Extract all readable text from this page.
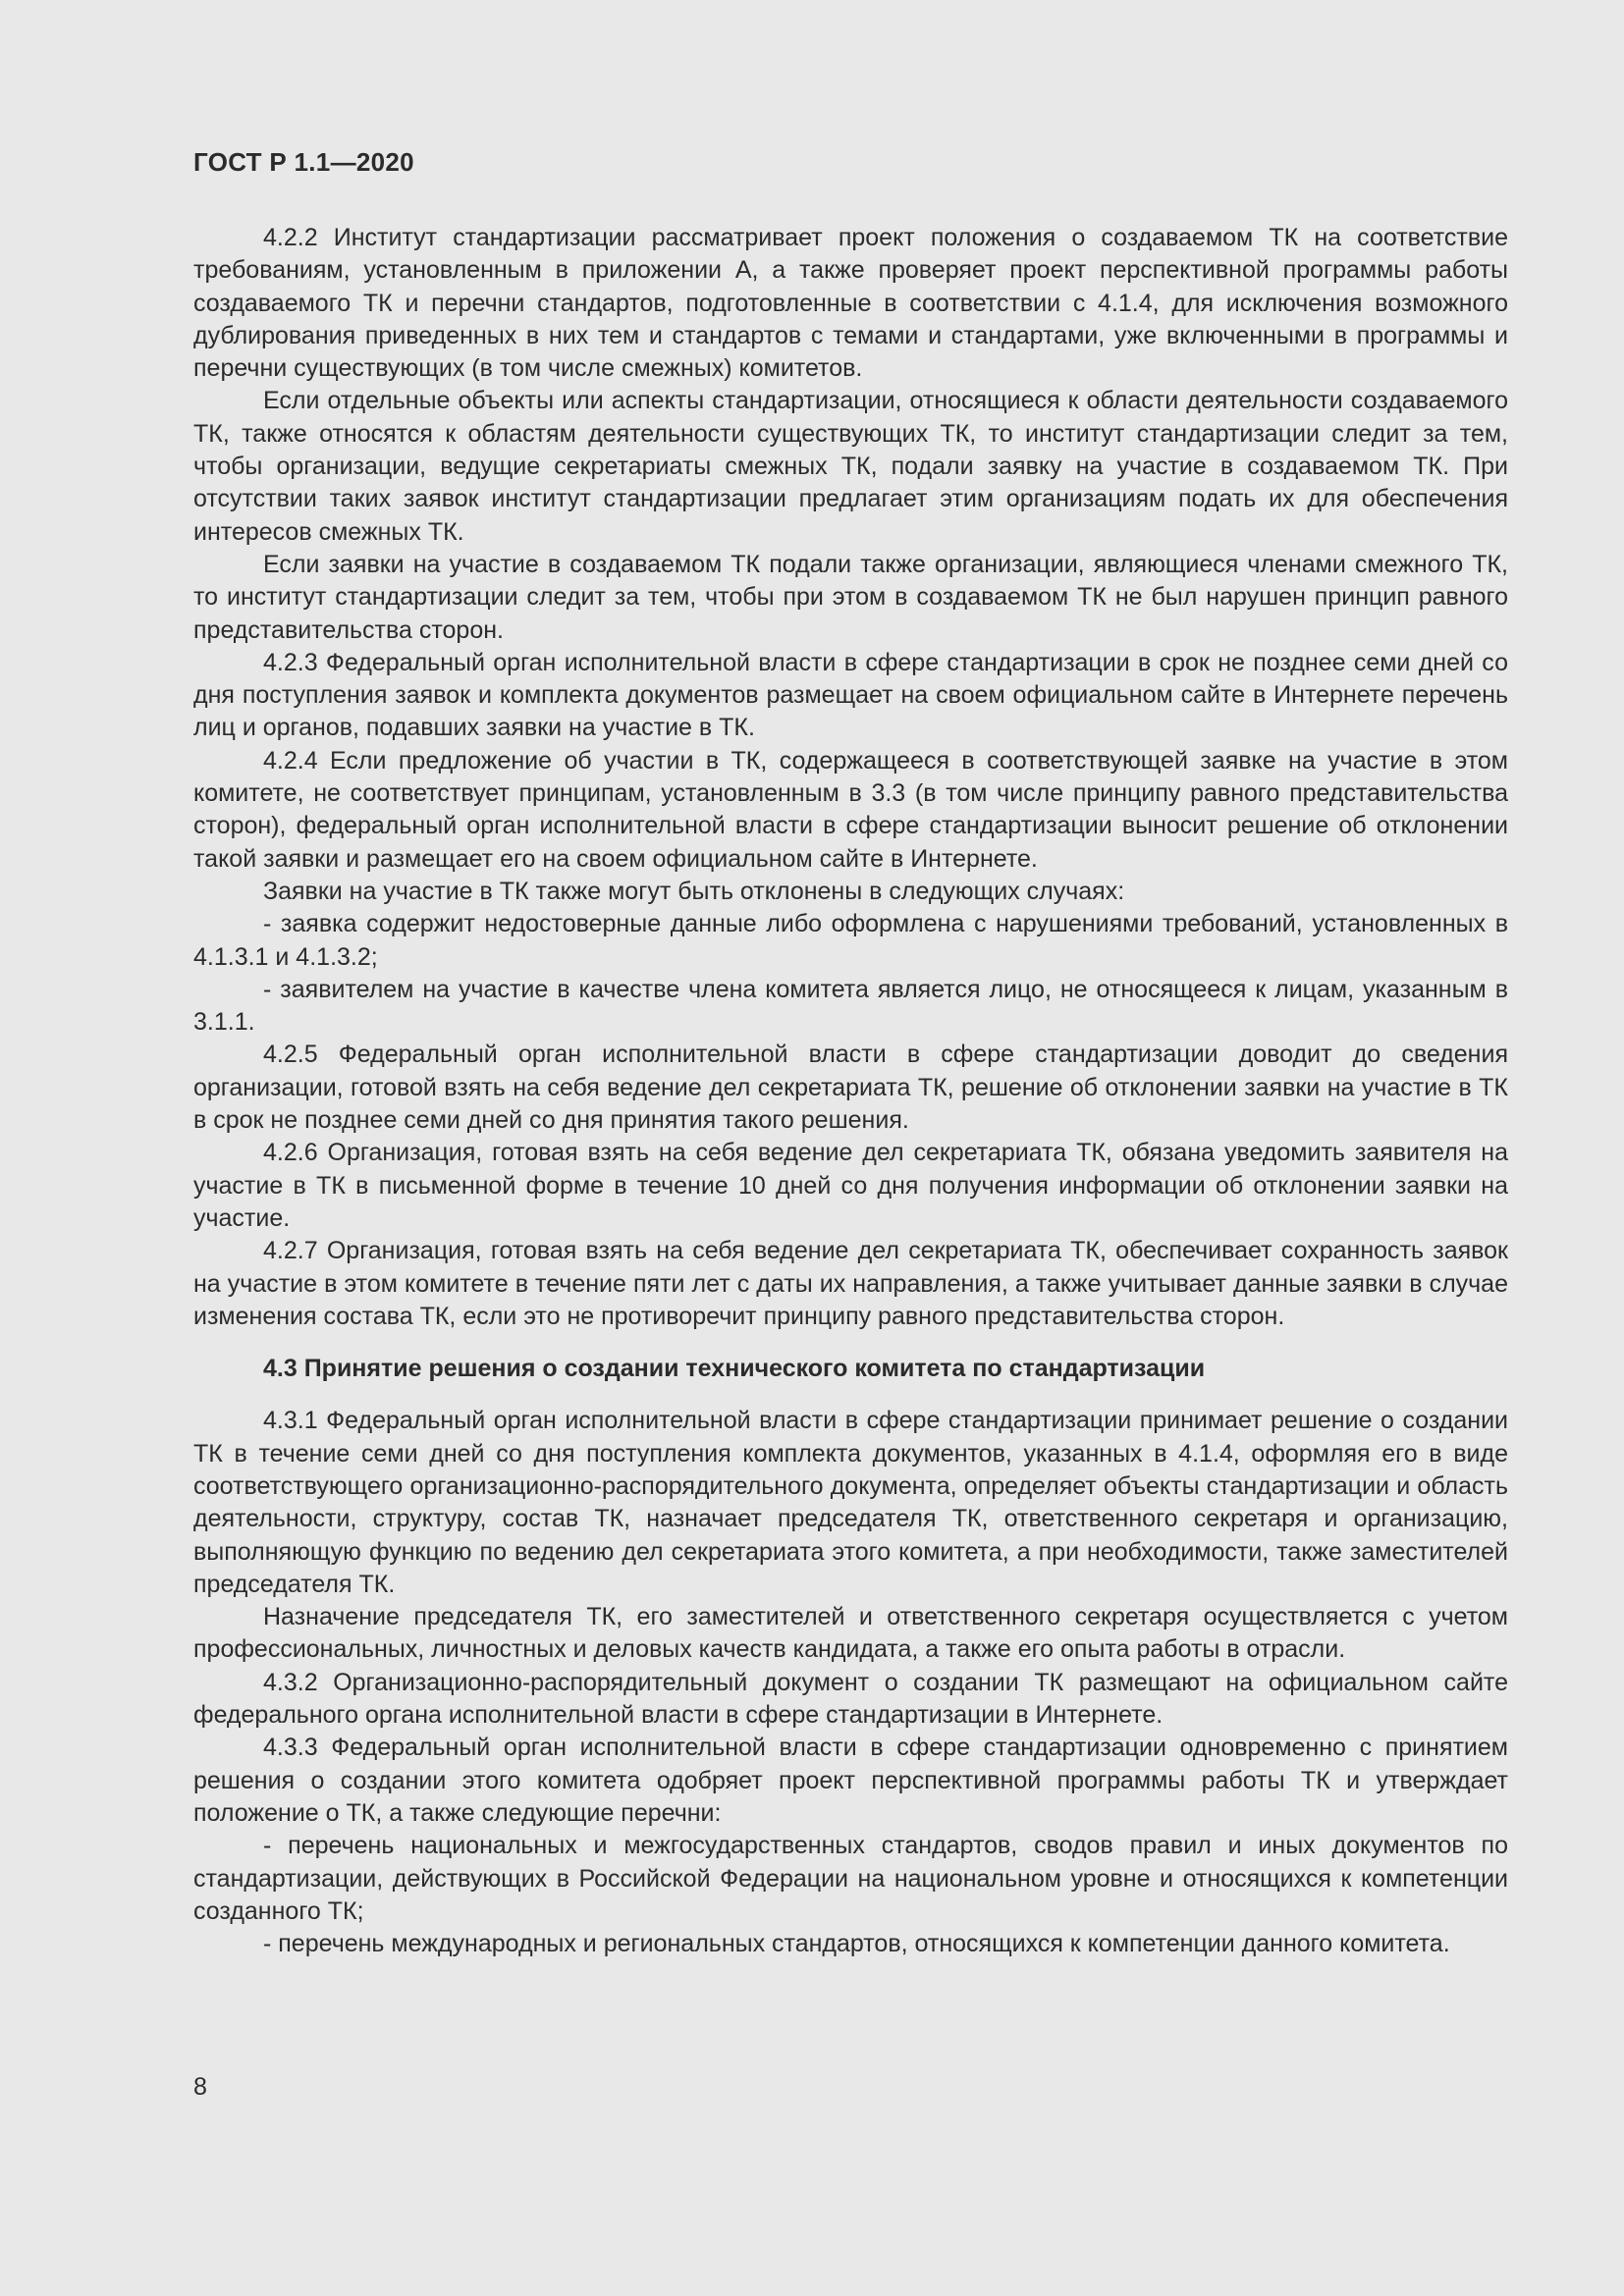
ГОСТ Р 1.1—2020

4.2.2 Институт стандартизации рассматривает проект положения о создаваемом ТК на соответствие требованиям, установленным в приложении А, а также проверяет проект перспективной программы работы создаваемого ТК и перечни стандартов, подготовленные в соответствии с 4.1.4, для исключения возможного дублирования приведенных в них тем и стандартов с темами и стандартами, уже включенными в программы и перечни существующих (в том числе смежных) комитетов.

Если отдельные объекты или аспекты стандартизации, относящиеся к области деятельности создаваемого ТК, также относятся к областям деятельности существующих ТК, то институт стандартизации следит за тем, чтобы организации, ведущие секретариаты смежных ТК, подали заявку на участие в создаваемом ТК. При отсутствии таких заявок институт стандартизации предлагает этим организациям подать их для обеспечения интересов смежных ТК.

Если заявки на участие в создаваемом ТК подали также организации, являющиеся членами смежного ТК, то институт стандартизации следит за тем, чтобы при этом в создаваемом ТК не был нарушен принцип равного представительства сторон.

4.2.3 Федеральный орган исполнительной власти в сфере стандартизации в срок не позднее семи дней со дня поступления заявок и комплекта документов размещает на своем официальном сайте в Интернете перечень лиц и органов, подавших заявки на участие в ТК.

4.2.4 Если предложение об участии в ТК, содержащееся в соответствующей заявке на участие в этом комитете, не соответствует принципам, установленным в 3.3 (в том числе принципу равного представительства сторон), федеральный орган исполнительной власти в сфере стандартизации выносит решение об отклонении такой заявки и размещает его на своем официальном сайте в Интернете.

Заявки на участие в ТК также могут быть отклонены в следующих случаях:

- заявка содержит недостоверные данные либо оформлена с нарушениями требований, установленных в 4.1.3.1 и 4.1.3.2;

- заявителем на участие в качестве члена комитета является лицо, не относящееся к лицам, указанным в 3.1.1.

4.2.5 Федеральный орган исполнительной власти в сфере стандартизации доводит до сведения организации, готовой взять на себя ведение дел секретариата ТК, решение об отклонении заявки на участие в ТК в срок не позднее семи дней со дня принятия такого решения.

4.2.6 Организация, готовая взять на себя ведение дел секретариата ТК, обязана уведомить заявителя на участие в ТК в письменной форме в течение 10 дней со дня получения информации об отклонении заявки на участие.

4.2.7 Организация, готовая взять на себя ведение дел секретариата ТК, обеспечивает сохранность заявок на участие в этом комитете в течение пяти лет с даты их направления, а также учитывает данные заявки в случае изменения состава ТК, если это не противоречит принципу равного представительства сторон.

4.3 Принятие решения о создании технического комитета по стандартизации

4.3.1 Федеральный орган исполнительной власти в сфере стандартизации принимает решение о создании ТК в течение семи дней со дня поступления комплекта документов, указанных в 4.1.4, оформляя его в виде соответствующего организационно-распорядительного документа, определяет объекты стандартизации и область деятельности, структуру, состав ТК, назначает председателя ТК, ответственного секретаря и организацию, выполняющую функцию по ведению дел секретариата этого комитета, а при необходимости, также заместителей председателя ТК.

Назначение председателя ТК, его заместителей и ответственного секретаря осуществляется с учетом профессиональных, личностных и деловых качеств кандидата, а также его опыта работы в отрасли.

4.3.2 Организационно-распорядительный документ о создании ТК размещают на официальном сайте федерального органа исполнительной власти в сфере стандартизации в Интернете.

4.3.3 Федеральный орган исполнительной власти в сфере стандартизации одновременно с принятием решения о создании этого комитета одобряет проект перспективной программы работы ТК и утверждает положение о ТК, а также следующие перечни:

- перечень национальных и межгосударственных стандартов, сводов правил и иных документов по стандартизации, действующих в Российской Федерации на национальном уровне и относящихся к компетенции созданного ТК;

- перечень международных и региональных стандартов, относящихся к компетенции данного комитета.

8
